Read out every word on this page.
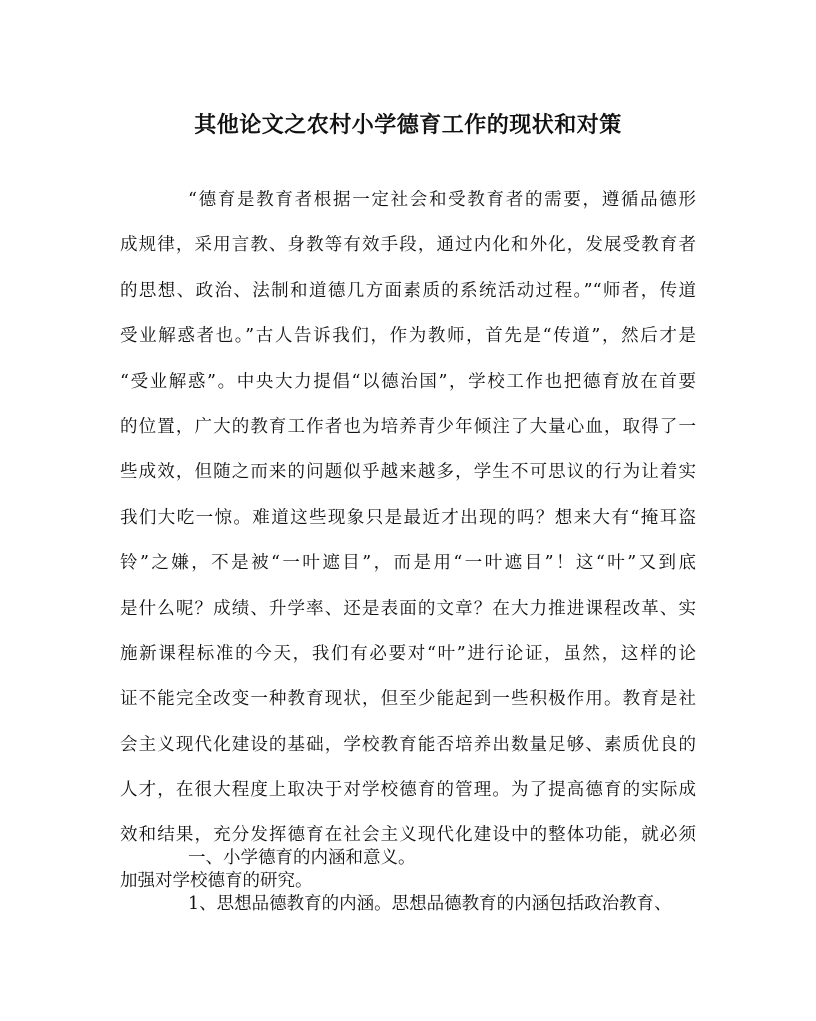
其他论文之农村小学德育工作的现状和对策
“德育是教育者根据一定社会和受教育者的需要，遵循品德形
成规律，采用言教、身教等有效手段，通过内化和外化，发展受教育者
的思想、政治、法制和道德几方面素质的系统活动过程。”“师者，传道
受业解惑者也。”古人告诉我们，作为教师，首先是“传道”，然后才是
“受业解惑”。中央大力提倡“以德治国”，学校工作也把德育放在首要
的位置，广大的教育工作者也为培养青少年倾注了大量心血，取得了一
些成效，但随之而来的问题似乎越来越多，学生不可思议的行为让着实
我们大吃一惊。难道这些现象只是最近才出现的吗？想来大有“掩耳盗
铃”之嫌，不是被“一叶遮目”，而是用“一叶遮目”！这“叶”又到底
是什么呢？成绩、升学率、还是表面的文章？在大力推进课程改革、实
施新课程标准的今天，我们有必要对“叶”进行论证，虽然，这样的论
证不能完全改变一种教育现状，但至少能起到一些积极作用。教育是社
会主义现代化建设的基础，学校教育能否培养出数量足够、素质优良的
人才，在很大程度上取决于对学校德育的管理。为了提高德育的实际成
效和结果，充分发挥德育在社会主义现代化建设中的整体功能，就必须
加强对学校德育的研究。
一、小学德育的内涵和意义。
1、思想品德教育的内涵。思想品德教育的内涵包括政治教育、
